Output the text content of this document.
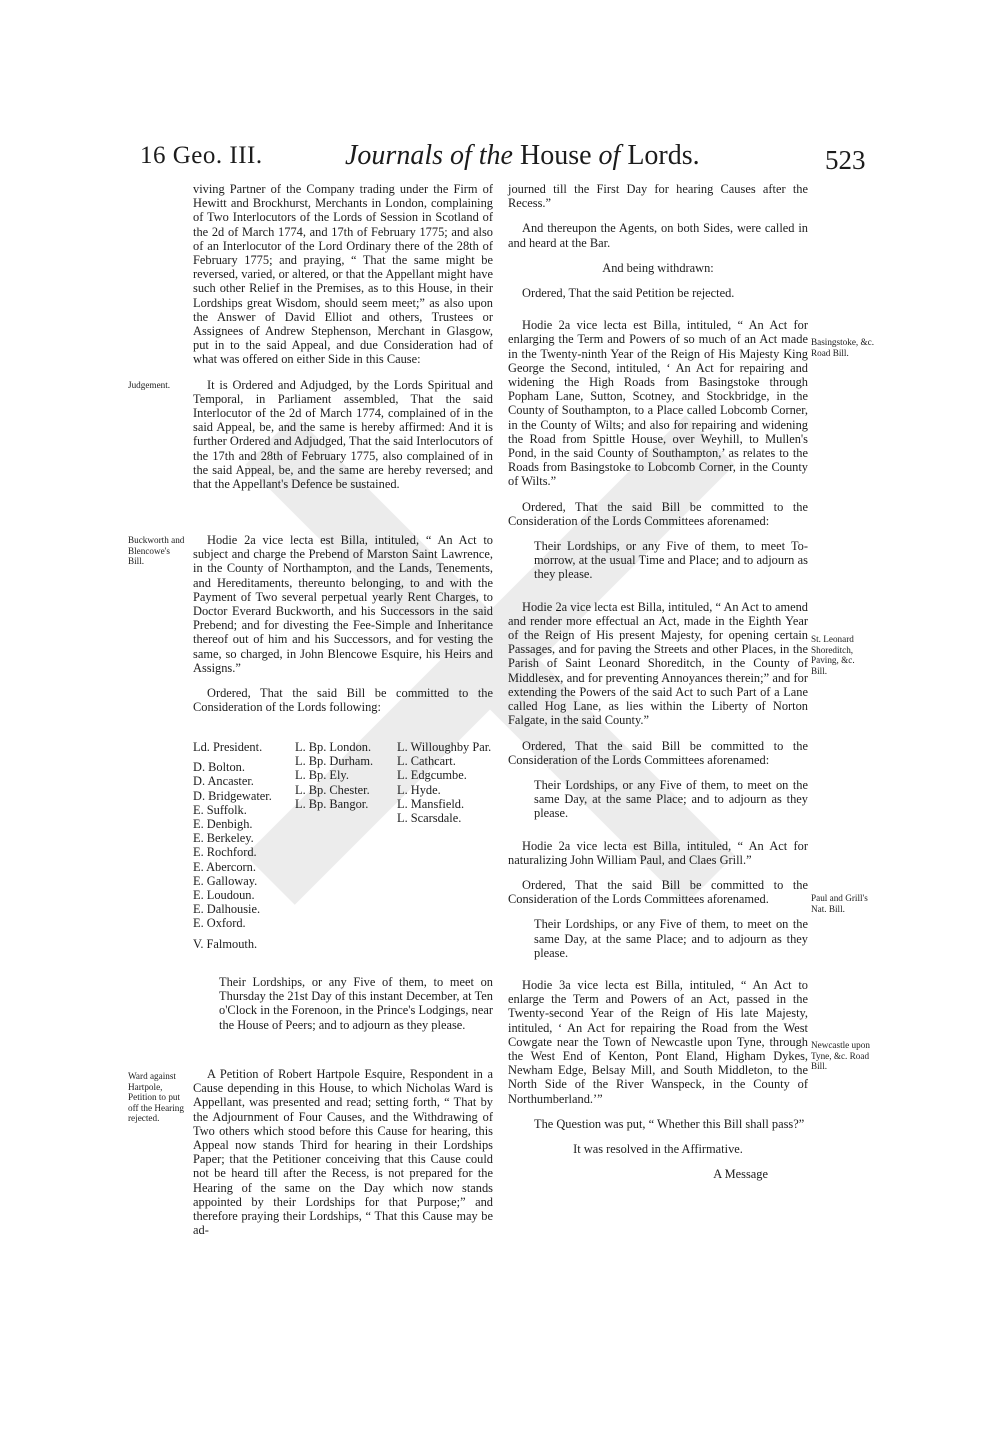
16 Geo. III.	Journals of the House of Lords.	523
Judgement.
Buckworth and Blencowe's Bill.
Ward against Hartpole, Petition to put off the Hearing rejected.
Basingstoke, &c. Road Bill.
St. Leonard Shoreditch, Paving, &c. Bill.
Paul and Grill's Nat. Bill.
Newcastle upon Tyne, &c. Road Bill.

viving Partner of the Company trading under the Firm of Hewitt and Brockhurst, Merchants in London, complaining of Two Interlocutors of the Lords of Session in Scotland of the 2d of March 1774, and 17th of February 1775; and also of an Interlocutor of the Lord Ordinary there of the 28th of February 1775; and praying, “ That the same might be reversed, varied, or altered, or that the Appellant might have such other Relief in the Premises, as to this House, in their Lordships great Wisdom, should seem meet;” as also upon the Answer of David Elliot and others, Trustees or Assignees of Andrew Stephenson, Merchant in Glasgow, put in to the said Appeal, and due Consideration had of what was offered on either Side in this Cause:

It is Ordered and Adjudged, by the Lords Spiritual and Temporal, in Parliament assembled, That the said Interlocutor of the 2d of March 1774, complained of in the said Appeal, be, and the same is hereby affirmed: And it is further Ordered and Adjudged, That the said Interlocutors of the 17th and 28th of February 1775, also complained of in the said Appeal, be, and the same are hereby reversed; and that the Appellant's Defence be sustained.

Hodie 2a vice lecta est Billa, intituled, “ An Act to subject and charge the Prebend of Marston Saint Lawrence, in the County of Northampton, and the Lands, Tenements, and Hereditaments, thereunto belonging, to and with the Payment of Two several perpetual yearly Rent Charges, to Doctor Everard Buckworth, and his Successors in the said Prebend; and for divesting the Fee-Simple and Inheritance thereof out of him and his Successors, and for vesting the same, so charged, in John Blencowe Esquire, his Heirs and Assigns.”

Ordered, That the said Bill be committed to the Consideration of the Lords following:

Ld. President.
D. Bolton.
D. Ancaster.
D. Bridgewater.
E. Suffolk.
E. Denbigh.
E. Berkeley.
E. Rochford.
E. Abercorn.
E. Galloway.
E. Loudoun.
E. Dalhousie.
E. Oxford.
V. Falmouth.
L. Bp. London.
L. Bp. Durham.
L. Bp. Ely.
L. Bp. Chester.
L. Bp. Bangor.
L. Willoughby Par.
L. Cathcart.
L. Edgcumbe.
L. Hyde.
L. Mansfield.
L. Scarsdale.

Their Lordships, or any Five of them, to meet on Thursday the 21st Day of this instant December, at Ten o'Clock in the Forenoon, in the Prince's Lodgings, near the House of Peers; and to adjourn as they please.

A Petition of Robert Hartpole Esquire, Respondent in a Cause depending in this House, to which Nicholas Ward is Appellant, was presented and read; setting forth, “ That by the Adjournment of Four Causes, and the Withdrawing of Two others which stood before this Cause for hearing, this Appeal now stands Third for hearing in their Lordships Paper; that the Petitioner conceiving that this Cause could not be heard till after the Recess, is not prepared for the Hearing of the same on the Day which now stands appointed by their Lordships for that Purpose;” and therefore praying their Lordships, “ That this Cause may be ad-

journed till the First Day for hearing Causes after the Recess.”

And thereupon the Agents, on both Sides, were called in and heard at the Bar.

And being withdrawn:

Ordered, That the said Petition be rejected.

Hodie 2a vice lecta est Billa, intituled, “ An Act for enlarging the Term and Powers of so much of an Act made in the Twenty-ninth Year of the Reign of His Majesty King George the Second, intituled, ‘ An Act for repairing and widening the High Roads from Basingstoke through Popham Lane, Sutton, Scotney, and Stockbridge, in the County of Southampton, to a Place called Lobcomb Corner, in the County of Wilts; and also for repairing and widening the Road from Spittle House, over Weyhill, to Mullen's Pond, in the said County of Southampton,’ as relates to the Roads from Basingstoke to Lobcomb Corner, in the County of Wilts.”

Ordered, That the said Bill be committed to the Consideration of the Lords Committees aforenamed:

Their Lordships, or any Five of them, to meet To-morrow, at the usual Time and Place; and to adjourn as they please.

Hodie 2a vice lecta est Billa, intituled, “ An Act to amend and render more effectual an Act, made in the Eighth Year of the Reign of His present Majesty, for opening certain Passages, and for paving the Streets and other Places, in the Parish of Saint Leonard Shoreditch, in the County of Middlesex, and for preventing Annoyances therein;” and for extending the Powers of the said Act to such Part of a Lane called Hog Lane, as lies within the Liberty of Norton Falgate, in the said County.”

Ordered, That the said Bill be committed to the Consideration of the Lords Committees aforenamed:

Their Lordships, or any Five of them, to meet on the same Day, at the same Place; and to adjourn as they please.

Hodie 2a vice lecta est Billa, intituled, “ An Act for naturalizing John William Paul, and Claes Grill.”

Ordered, That the said Bill be committed to the Consideration of the Lords Committees aforenamed.

Their Lordships, or any Five of them, to meet on the same Day, at the same Place; and to adjourn as they please.

Hodie 3a vice lecta est Billa, intituled, “ An Act to enlarge the Term and Powers of an Act, passed in the Twenty-second Year of the Reign of His late Majesty, intituled, ‘ An Act for repairing the Road from the West Cowgate near the Town of Newcastle upon Tyne, through the West End of Kenton, Pont Eland, Higham Dykes, Newham Edge, Belsay Mill, and South Middleton, to the North Side of the River Wanspeck, in the County of Northumberland.’”

The Question was put, “ Whether this Bill shall pass?”

It was resolved in the Affirmative.

A Message
